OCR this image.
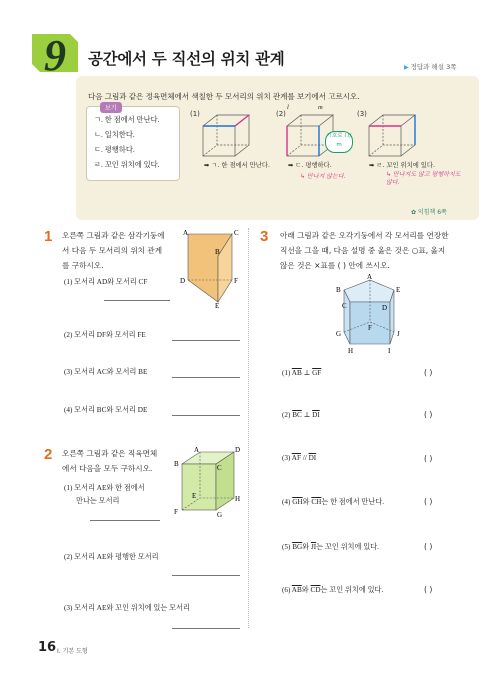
9 공간에서 두 직선의 위치 관계	▶ 정답과 해설 3쪽
다음 그림과 같은 정육면체에서 색칠한 두 모서리의 위치 관계를 보기에서 고르시오.
보기
ㄱ. 한 점에서 만난다.
ㄴ. 일치한다.
ㄷ. 평행하다.
ㄹ. 꼬인 위치에 있다.
(1)
➡ ㄱ. 한 점에서 만난다.
(2)
l	m
기호로 l // m
➡ ㄷ. 평행하다.
↳ 만나지 않는다.
(3)
➡ ㄹ. 꼬인 위치에 있다.
↳ 만나지도 않고 평행하지도 않다.
✿ 익힘책 6쪽
1 오른쪽 그림과 같은 삼각기둥에
서 다음 두 모서리의 위치 관계
를 구하시오.
A	C
B
D	F
E
(1) 모서리 AD와 모서리 CF
(2) 모서리 DF와 모서리 FE
(3) 모서리 AC와 모서리 BE
(4) 모서리 BC와 모서리 DE
2 오른쪽 그림과 같은 직육면체
에서 다음을 모두 구하시오.
A	D
B	C
E	H
F	G
(1) 모서리 AE와 한 점에서
만나는 모서리
(2) 모서리 AE와 평행한 모서리
(3) 모서리 AE와 꼬인 위치에 있는 모서리
3 아래 그림과 같은 오각기둥에서 각 모서리를 연장한
직선을 그을 때, 다음 설명 중 옳은 것은 ○표, 옳지
않은 것은 ×표를 ( ) 안에 쓰시오.
A
B	E
C	D
F
G	J
H	I
(1) $\overline{AB}$ ⊥ $\overline{GF}$	( )
(2) $\overline{BC}$ ⊥ $\overline{DI}$	( )
(3) $\overline{AF} // \overline{DI}$	( )
(4) $\overline{GH}$와 $\overline{CH}$는 한 점에서 만난다.	( )
(5) $\overline{BG}$와 $\overline{JI}$는 꼬인 위치에 있다.	( )
(6) $\overline{AB}$와 $\overline{CD}$는 꼬인 위치에 있다.	( )
16 I. 기본 도형
